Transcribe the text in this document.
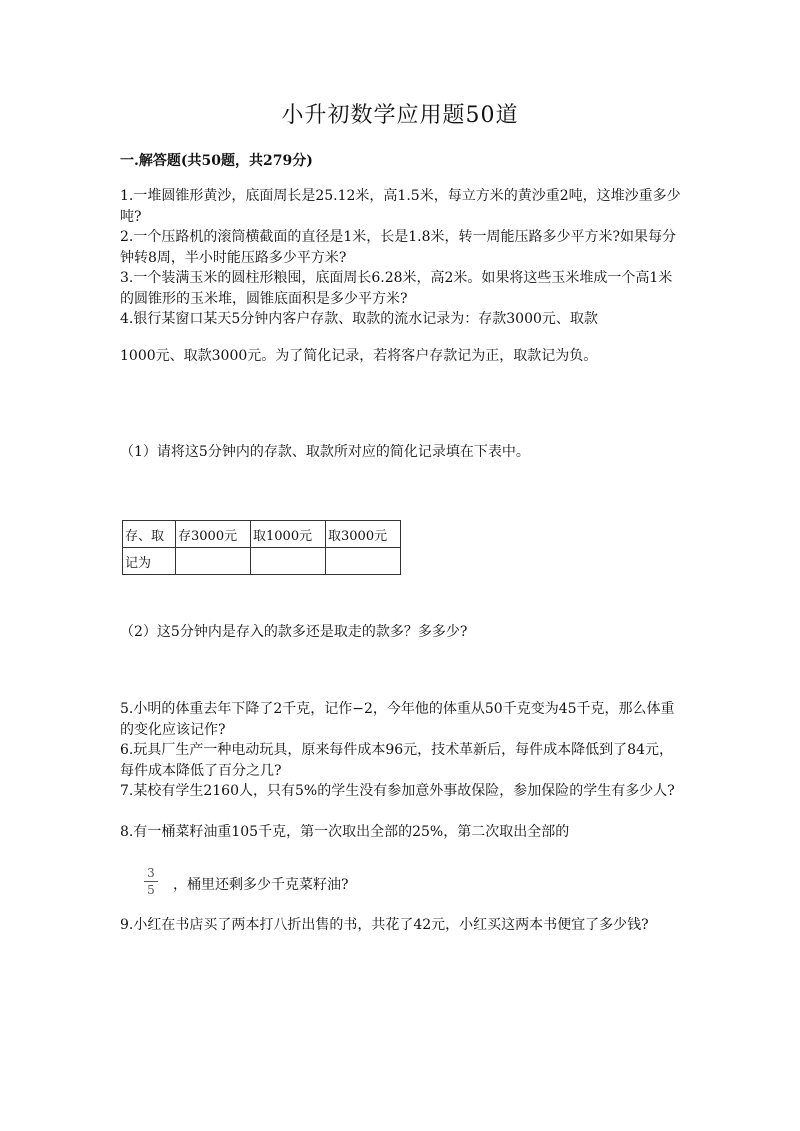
小升初数学应用题50道
一.解答题(共50题，共279分)
1.一堆圆锥形黄沙，底面周长是25.12米，高1.5米，每立方米的黄沙重2吨，这堆沙重多少吨?
2.一个压路机的滚筒横截面的直径是1米，长是1.8米，转一周能压路多少平方米?如果每分钟转8周，半小时能压路多少平方米?
3.一个装满玉米的圆柱形粮囤，底面周长6.28米，高2米。如果将这些玉米堆成一个高1米的圆锥形的玉米堆，圆锥底面积是多少平方米?
4.银行某窗口某天5分钟内客户存款、取款的流水记录为：存款3000元、取款
1000元、取款3000元。为了简化记录，若将客户存款记为正，取款记为负。
（1）请将这5分钟内的存款、取款所对应的简化记录填在下表中。
存、取	存3000元	取1000元	取3000元
记为			
（2）这5分钟内是存入的款多还是取走的款多？多多少?
5.小明的体重去年下降了2千克，记作−2，今年他的体重从50千克变为45千克，那么体重的变化应该记作?
6.玩具厂生产一种电动玩具，原来每件成本96元，技术革新后，每件成本降低到了84元，每件成本降低了百分之几?
7.某校有学生2160人，只有5%的学生没有参加意外事故保险，参加保险的学生有多少人?
8.有一桶菜籽油重105千克，第一次取出全部的25%，第二次取出全部的
$\frac{3}{5}$ ，桶里还剩多少千克菜籽油?
9.小红在书店买了两本打八折出售的书，共花了42元，小红买这两本书便宜了多少钱?
